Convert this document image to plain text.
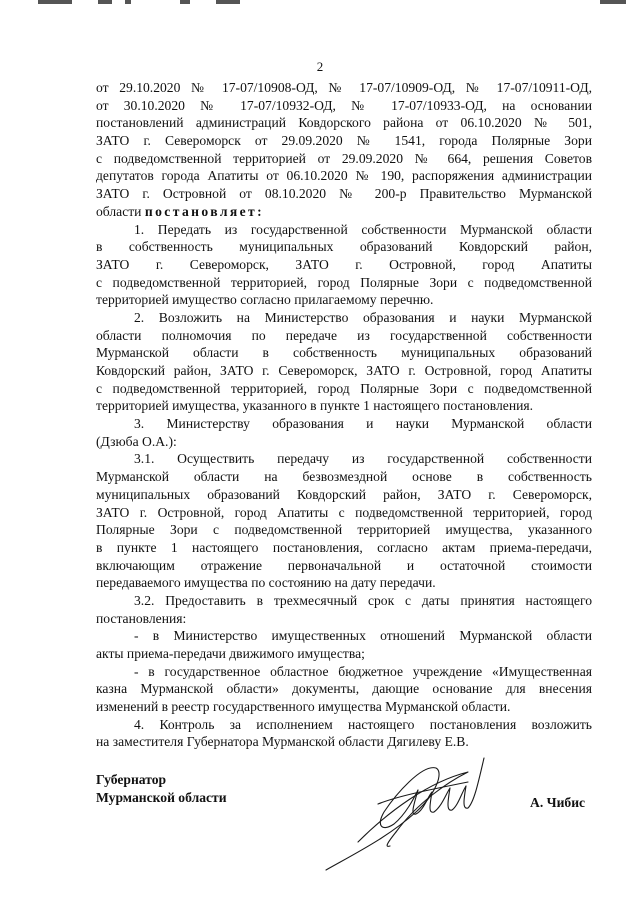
2
от 29.10.2020 № 17-07/10908-ОД, № 17-07/10909-ОД, № 17-07/10911-ОД,
от 30.10.2020 № 17-07/10932-ОД, № 17-07/10933-ОД, на основании
постановлений администраций Ковдорского района от 06.10.2020 № 501,
ЗАТО г. Североморск от 29.09.2020 № 1541, города Полярные Зори
с подведомственной территорией от 29.09.2020 № 664, решения Советов
депутатов города Апатиты от 06.10.2020 № 190, распоряжения администрации
ЗАТО г. Островной от 08.10.2020 № 200-р Правительство Мурманской
области постановляет:
1. Передать из государственной собственности Мурманской области
в собственность муниципальных образований Ковдорский район,
ЗАТО г. Североморск, ЗАТО г. Островной, город Апатиты
с подведомственной территорией, город Полярные Зори с подведомственной
территорией имущество согласно прилагаемому перечню.
2. Возложить на Министерство образования и науки Мурманской
области полномочия по передаче из государственной собственности
Мурманской области в собственность муниципальных образований
Ковдорский район, ЗАТО г. Североморск, ЗАТО г. Островной, город Апатиты
с подведомственной территорией, город Полярные Зори с подведомственной
территорией имущества, указанного в пункте 1 настоящего постановления.
3. Министерству образования и науки Мурманской области
(Дзюба О.А.):
3.1. Осуществить передачу из государственной собственности
Мурманской области на безвозмездной основе в собственность
муниципальных образований Ковдорский район, ЗАТО г. Североморск,
ЗАТО г. Островной, город Апатиты с подведомственной территорией, город
Полярные Зори с подведомственной территорией имущества, указанного
в пункте 1 настоящего постановления, согласно актам приема-передачи,
включающим отражение первоначальной и остаточной стоимости
передаваемого имущества по состоянию на дату передачи.
3.2. Предоставить в трехмесячный срок с даты принятия настоящего
постановления:
- в Министерство имущественных отношений Мурманской области
акты приема-передачи движимого имущества;
- в государственное областное бюджетное учреждение «Имущественная
казна Мурманской области» документы, дающие основание для внесения
изменений в реестр государственного имущества Мурманской области.
4. Контроль за исполнением настоящего постановления возложить
на заместителя Губернатора Мурманской области Дягилеву Е.В.
Губернатор
Мурманской области	А. Чибис
